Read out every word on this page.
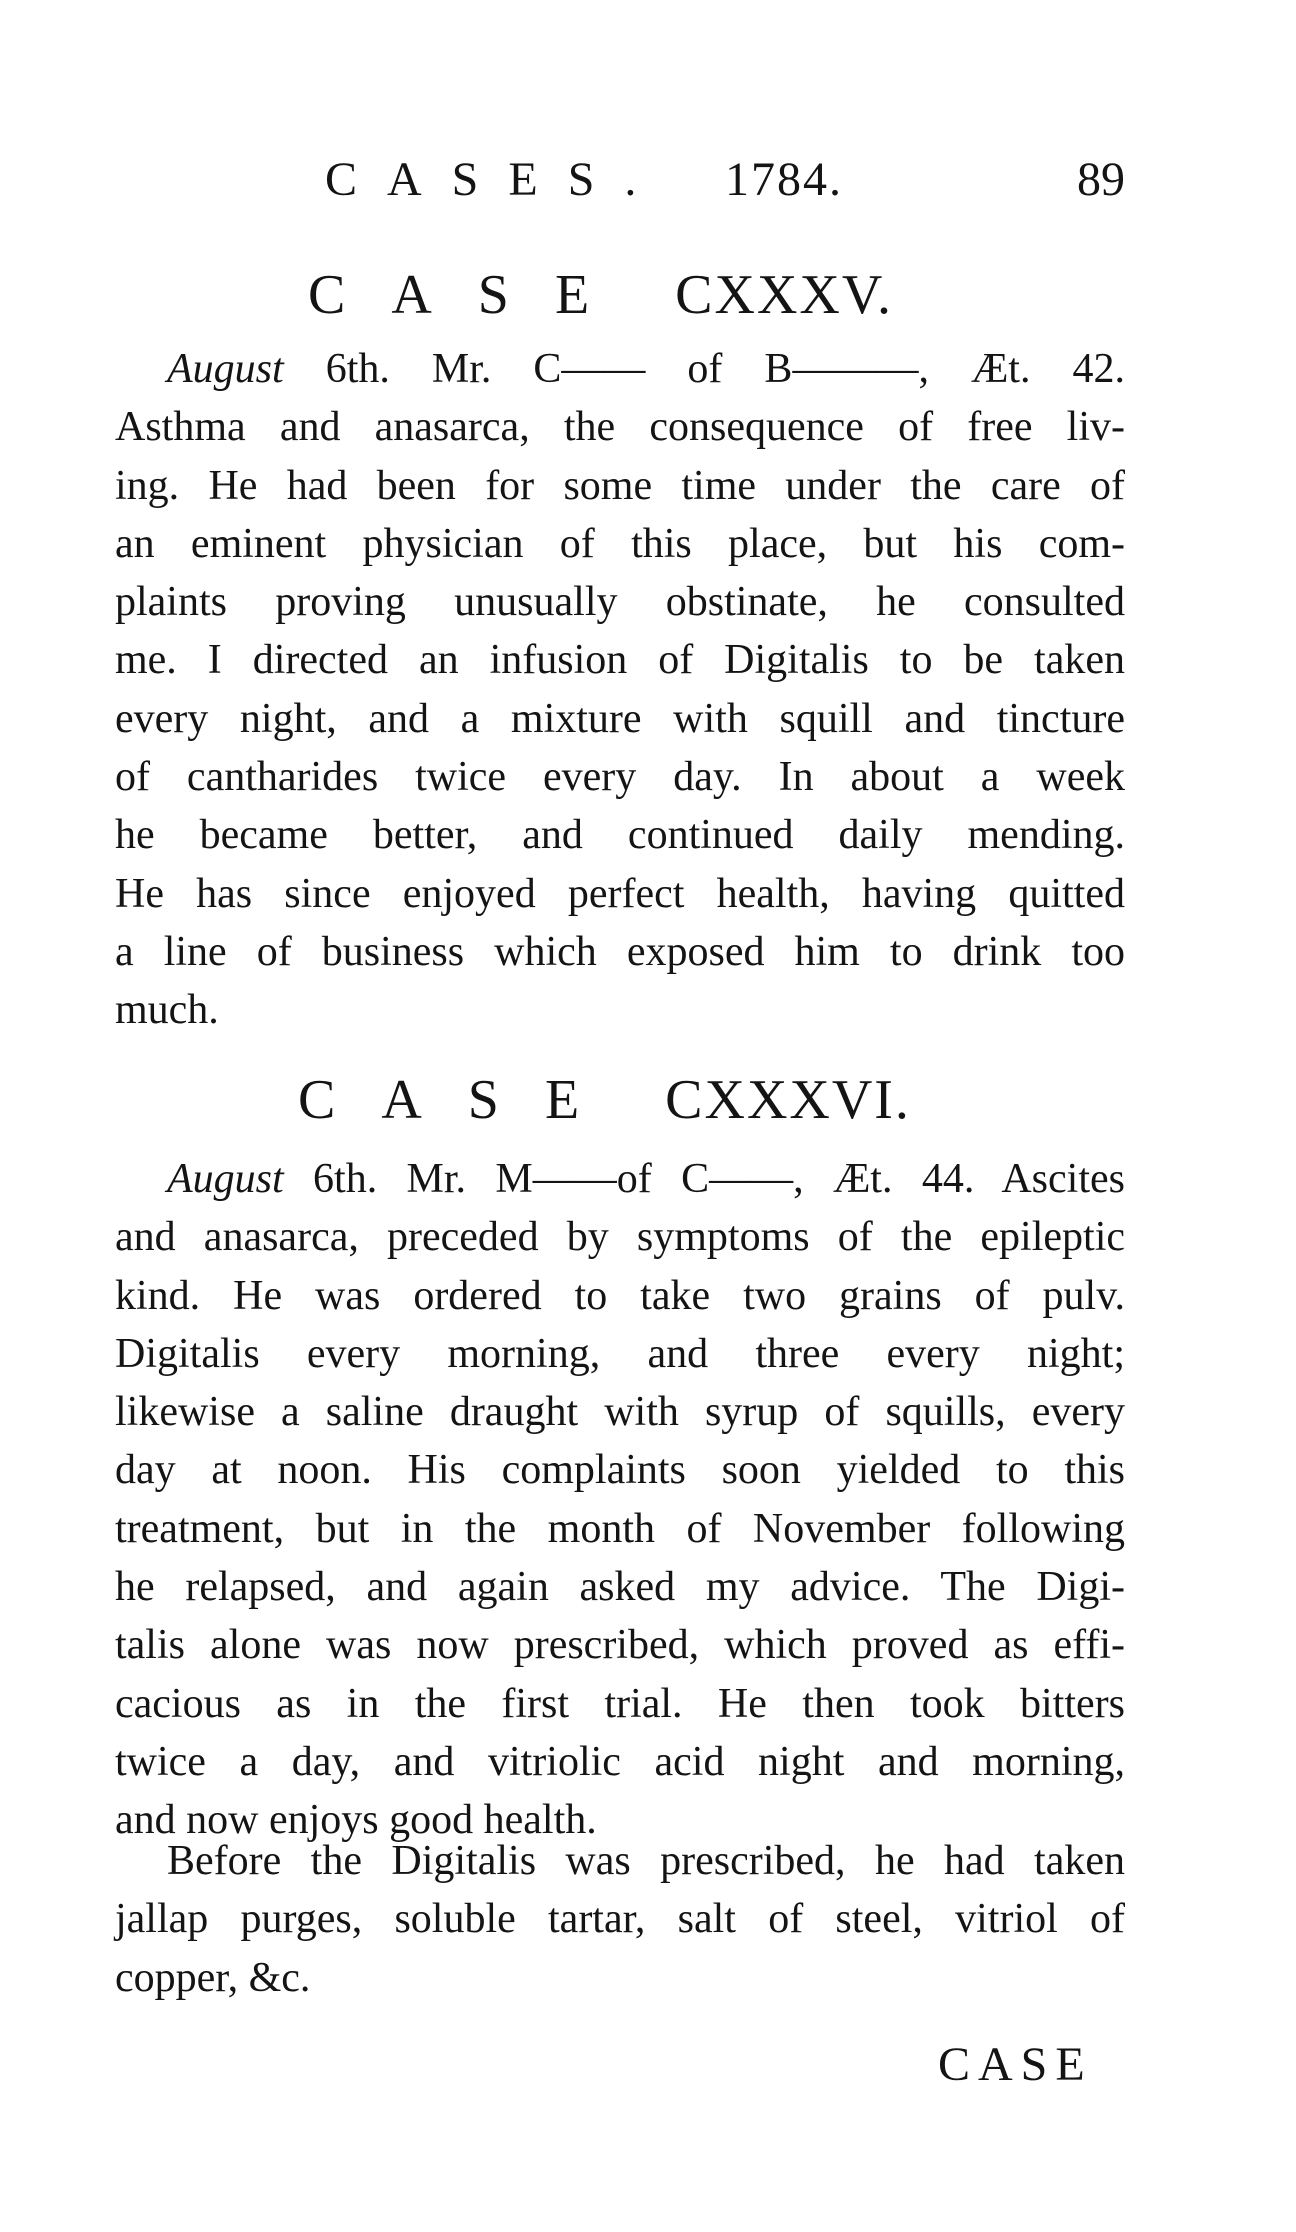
CASES. 1784.	89
CASE CXXXV.
August 6th. Mr. C—— of B———, Æt. 42.
Asthma and anasarca, the consequence of free liv-
ing. He had been for some time under the care of
an eminent physician of this place, but his com-
plaints proving unusually obstinate, he consulted
me. I directed an infusion of Digitalis to be taken
every night, and a mixture with squill and tincture
of cantharides twice every day. In about a week
he became better, and continued daily mending.
He has since enjoyed perfect health, having quitted
a line of business which exposed him to drink too
much.
CASE CXXXVI.
August 6th. Mr. M——of C——, Æt. 44. Ascites
and anasarca, preceded by symptoms of the epileptic
kind. He was ordered to take two grains of pulv.
Digitalis every morning, and three every night;
likewise a saline draught with syrup of squills, every
day at noon. His complaints soon yielded to this
treatment, but in the month of November following
he relapsed, and again asked my advice. The Digi-
talis alone was now prescribed, which proved as effi-
cacious as in the first trial. He then took bitters
twice a day, and vitriolic acid night and morning,
and now enjoys good health.
Before the Digitalis was prescribed, he had taken
jallap purges, soluble tartar, salt of steel, vitriol of
copper, &c.
CASE
